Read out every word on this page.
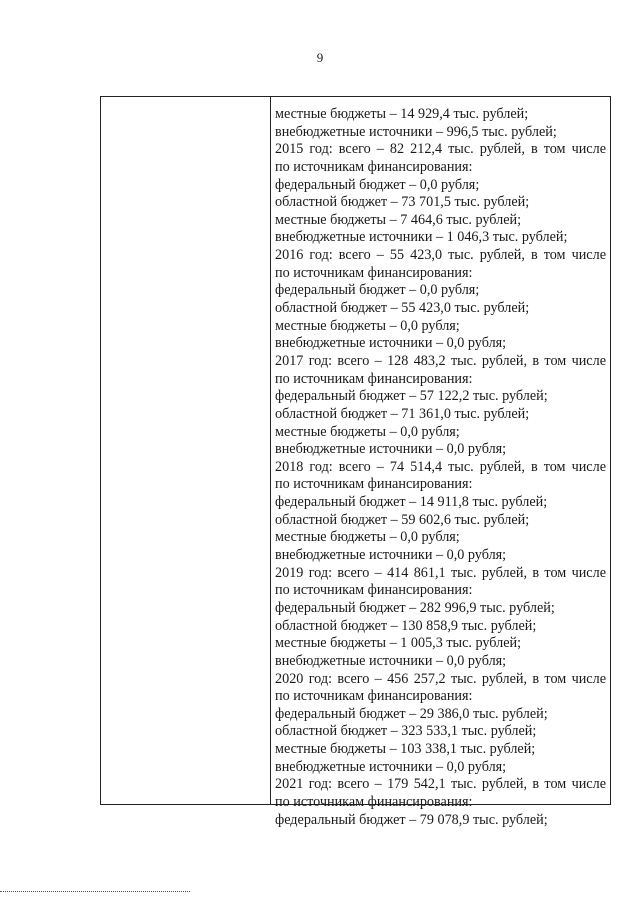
9
местные бюджеты – 14 929,4 тыс. рублей;
внебюджетные источники – 996,5 тыс. рублей;
2015 год: всего – 82 212,4 тыс. рублей, в том числе
по источникам финансирования:
федеральный бюджет – 0,0 рубля;
областной бюджет – 73 701,5 тыс. рублей;
местные бюджеты – 7 464,6 тыс. рублей;
внебюджетные источники – 1 046,3 тыс. рублей;
2016 год: всего – 55 423,0 тыс. рублей, в том числе
по источникам финансирования:
федеральный бюджет – 0,0 рубля;
областной бюджет – 55 423,0 тыс. рублей;
местные бюджеты – 0,0 рубля;
внебюджетные источники – 0,0 рубля;
2017 год: всего – 128 483,2 тыс. рублей, в том числе
по источникам финансирования:
федеральный бюджет – 57 122,2 тыс. рублей;
областной бюджет – 71 361,0 тыс. рублей;
местные бюджеты – 0,0 рубля;
внебюджетные источники – 0,0 рубля;
2018 год: всего – 74 514,4 тыс. рублей, в том числе
по источникам финансирования:
федеральный бюджет – 14 911,8 тыс. рублей;
областной бюджет – 59 602,6 тыс. рублей;
местные бюджеты – 0,0 рубля;
внебюджетные источники – 0,0 рубля;
2019 год: всего – 414 861,1 тыс. рублей, в том числе
по источникам финансирования:
федеральный бюджет – 282 996,9 тыс. рублей;
областной бюджет – 130 858,9 тыс. рублей;
местные бюджеты – 1 005,3 тыс. рублей;
внебюджетные источники – 0,0 рубля;
2020 год: всего – 456 257,2 тыс. рублей, в том числе
по источникам финансирования:
федеральный бюджет – 29 386,0 тыс. рублей;
областной бюджет – 323 533,1 тыс. рублей;
местные бюджеты – 103 338,1 тыс. рублей;
внебюджетные источники – 0,0 рубля;
2021 год: всего – 179 542,1 тыс. рублей, в том числе
по источникам финансирования:
федеральный бюджет – 79 078,9 тыс. рублей;
